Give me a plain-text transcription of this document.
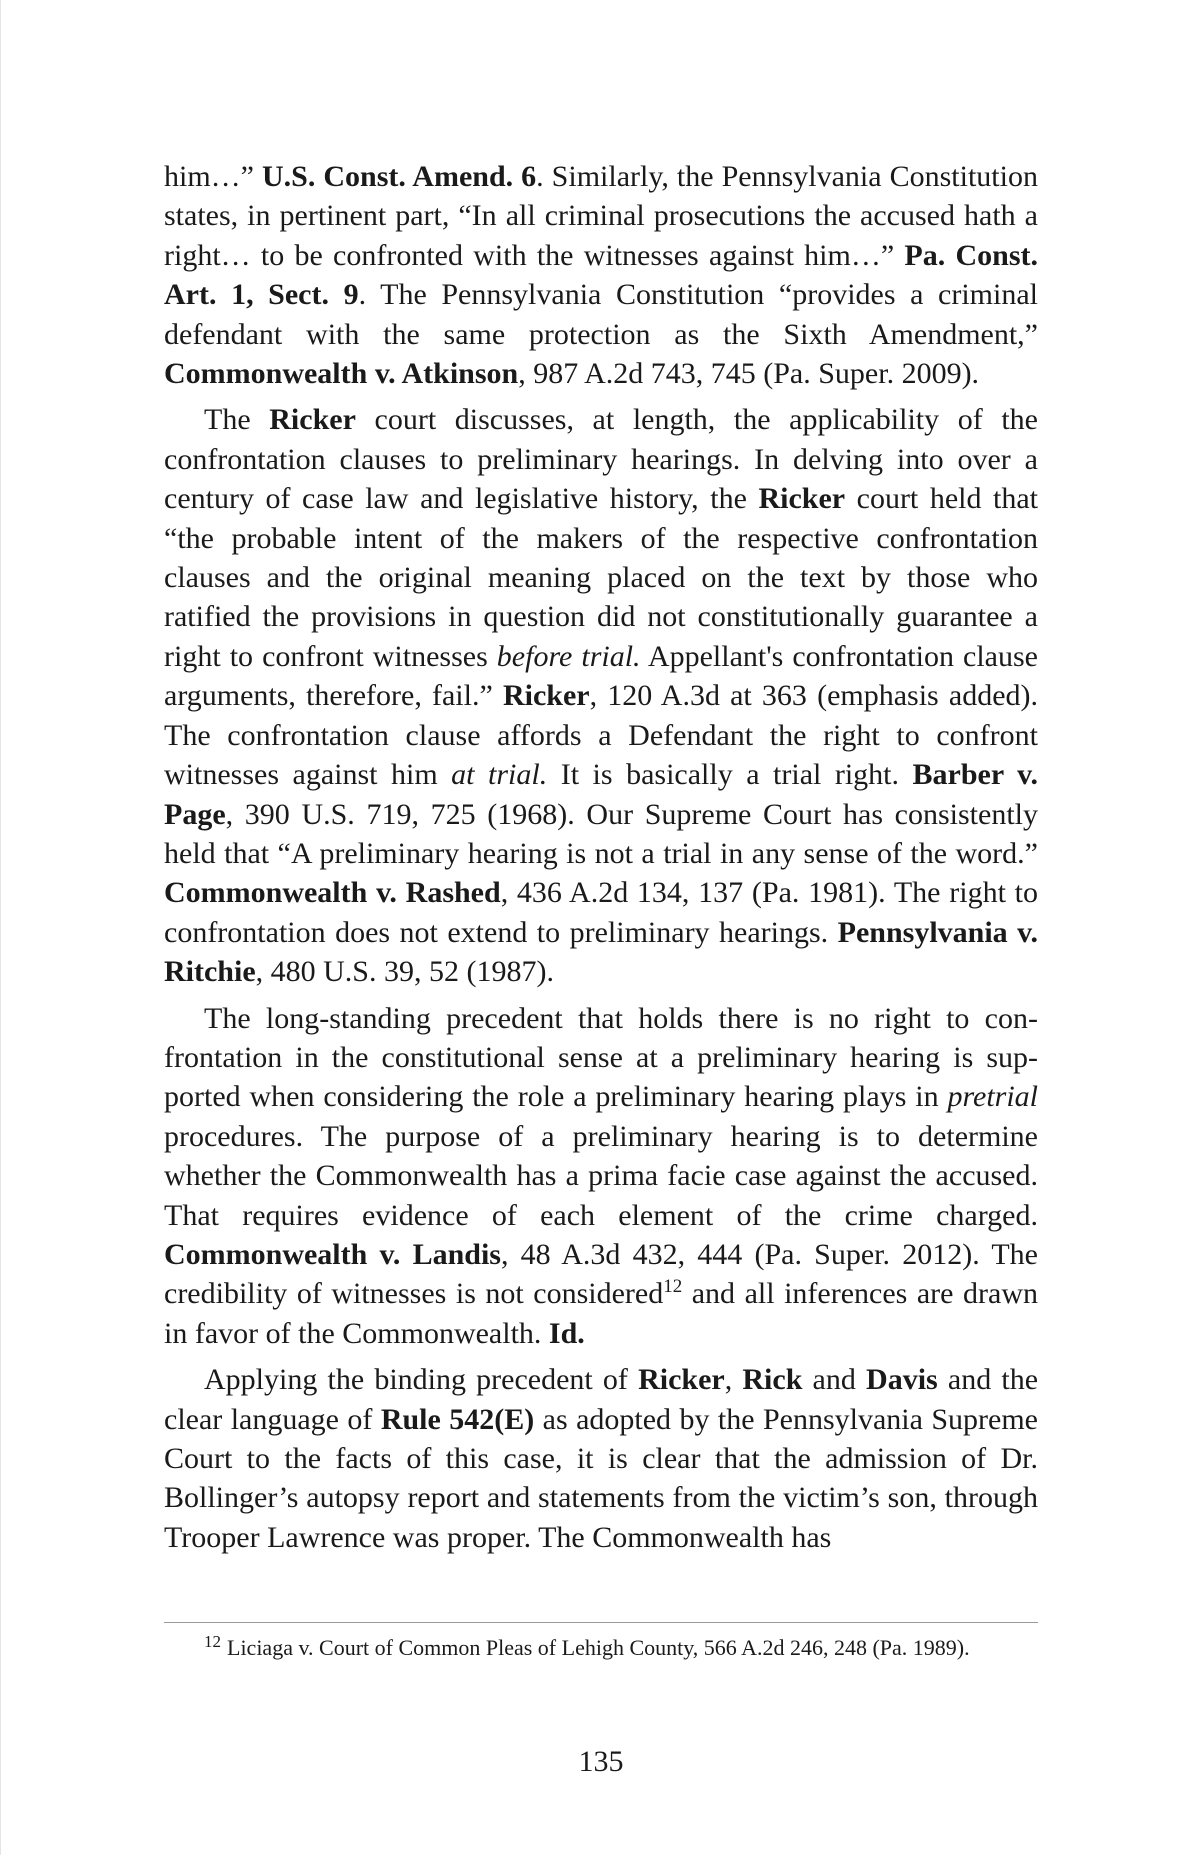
him…” U.S. Const. Amend. 6. Similarly, the Pennsylvania Constitution states, in pertinent part, “In all criminal prosecutions the accused hath a right… to be confronted with the witnesses against him…” Pa. Const. Art. 1, Sect. 9. The Pennsylvania Constitution “provides a criminal defendant with the same protection as the Sixth Amendment,” Commonwealth v. Atkinson, 987 A.2d 743, 745 (Pa. Super. 2009).

The Ricker court discusses, at length, the applicability of the confrontation clauses to preliminary hearings. In delving into over a century of case law and legislative history, the Ricker court held that “the probable intent of the makers of the respective confrontation clauses and the original meaning placed on the text by those who ratified the provisions in question did not constitutionally guarantee a right to confront witnesses before trial. Appellant's confrontation clause arguments, therefore, fail.” Ricker, 120 A.3d at 363 (emphasis added). The confrontation clause affords a Defendant the right to confront witnesses against him at trial. It is basically a trial right. Barber v. Page, 390 U.S. 719, 725 (1968). Our Supreme Court has consistently held that “A preliminary hearing is not a trial in any sense of the word.” Commonwealth v. Rashed, 436 A.2d 134, 137 (Pa. 1981). The right to confrontation does not extend to preliminary hearings. Pennsylvania v. Ritchie, 480 U.S. 39, 52 (1987).

The long-standing precedent that holds there is no right to confrontation in the constitutional sense at a preliminary hearing is supported when considering the role a preliminary hearing plays in pretrial procedures. The purpose of a preliminary hearing is to determine whether the Commonwealth has a prima facie case against the accused. That requires evidence of each element of the crime charged. Commonwealth v. Landis, 48 A.3d 432, 444 (Pa. Super. 2012). The credibility of witnesses is not considered$^{12}$ and all inferences are drawn in favor of the Commonwealth. Id.

Applying the binding precedent of Ricker, Rick and Davis and the clear language of Rule 542(E) as adopted by the Pennsylvania Supreme Court to the facts of this case, it is clear that the admission of Dr. Bollinger’s autopsy report and statements from the victim’s son, through Trooper Lawrence was proper. The Commonwealth has

$^{12}$ Liciaga v. Court of Common Pleas of Lehigh County, 566 A.2d 246, 248 (Pa. 1989).
135
